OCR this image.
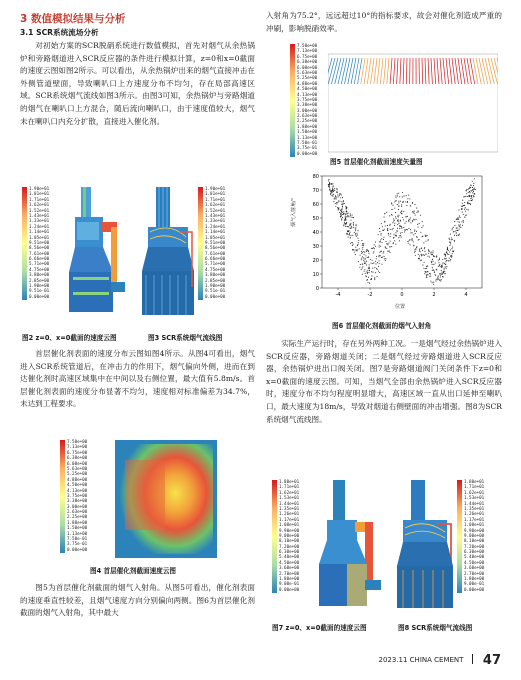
3 数值模拟结果与分析
3.1 SCR系统流场分析
对初始方案的SCR脱硝系统进行数值模拟，首先对烟气从余热锅炉和旁路烟道进入SCR反应器的条件进行模拟计算，z=0和x=0截面的速度云图如图2所示。可以看出，从余热锅炉出来的烟气直接冲击在外侧管道壁面，导致喇叭口上方速度分布不均匀，存在局部高速区域。SCR系统烟气流线如图3所示。由图3可知，余热锅炉与旁路烟道的烟气在喇叭口上方混合，随后流向喇叭口，由于速度值较大，烟气未在喇叭口内充分扩散，直接进入催化剂。
1.90e+01
1.81e+01
1.71e+01
1.62e+01
1.52e+01
1.43e+01
1.33e+01
1.24e+01
1.14e+01
1.05e+01
9.51e+00
8.56e+00
7.61e+00
6.66e+00
5.71e+00
4.75e+00
3.80e+00
2.85e+00
1.90e+00
9.51e-01
0.00e+00
1.90e+01
1.81e+01
1.71e+01
1.62e+01
1.52e+01
1.43e+01
1.33e+01
1.24e+01
1.14e+01
1.05e+01
9.51e+00
8.56e+00
7.61e+00
6.66e+00
5.71e+00
4.75e+00
3.80e+00
2.85e+00
1.90e+00
9.51e-01
0.00e+00
图2 z=0、x=0截面的速度云图	图3 SCR系统烟气流线图
首层催化剂表面的速度分布云图如图4所示。从图4可看出，烟气进入SCR系统管道后，在冲击力的作用下，烟气偏向外侧，进而在到达催化剂时高速区域集中在中间以及右侧位置，最大值有5.8m/s。首层催化剂表面的速度分布显著不均匀，速度相对标准偏差为34.7%，未达到工程要求。
7.50e+00
7.13e+00
6.75e+00
6.38e+00
6.00e+00
5.63e+00
5.25e+00
4.88e+00
4.50e+00
4.13e+00
3.75e+00
3.38e+00
3.00e+00
2.63e+00
2.25e+00
1.88e+00
1.50e+00
1.13e+00
7.50e-01
3.75e-01
0.00e+00
图4 首层催化剂截面速度云图
图5为首层催化剂截面的烟气入射角。从图5可看出，催化剂表面的速度垂直性较差，且烟气速度方向分别偏向两侧。图6为首层催化剂截面的烟气入射角，其中最大
入射角为75.2°，远远超过10°的指标要求，故会对催化剂造成严重的冲刷，影响脱硝效率。
7.50e+00
7.13e+00
6.75e+00
6.38e+00
6.00e+00
5.63e+00
5.25e+00
4.88e+00
4.50e+00
4.13e+00
3.75e+00
3.38e+00
3.00e+00
2.63e+00
2.25e+00
1.88e+00
1.50e+00
1.13e+00
7.50e-01
3.75e-01
0.00e+00
图5 首层催化剂截面速度矢量图
烟气入射角/°
0
10
20
30
40
50
60
70
80
-4	-2	0	2	4
位置
图6 首层催化剂截面的烟气入射角
实际生产运行时，存在另外两种工况。一是烟气经过余热锅炉进入SCR反应器，旁路烟道关闭；二是烟气经过旁路烟道进入SCR反应器，余热锅炉进出口阀关闭。图7是旁路烟道阀门关闭条件下z=0和x=0截面的速度云图。可知，当烟气全部由余热锅炉进入SCR反应器时，速度分布不均匀程度明显增大，高速区域一直从出口延伸至喇叭口，最大速度为18m/s，导致对烟道右侧壁面的冲击增强。图8为SCR系统烟气流线图。
1.80e+01
1.71e+01
1.62e+01
1.53e+01
1.44e+01
1.35e+01
1.26e+01
1.17e+01
1.08e+01
9.90e+00
9.00e+00
8.10e+00
7.20e+00
6.30e+00
5.40e+00
4.50e+00
3.60e+00
2.70e+00
1.80e+00
9.00e-01
0.00e+00
1.80e+01
1.71e+01
1.62e+01
1.53e+01
1.44e+01
1.35e+01
1.26e+01
1.17e+01
1.08e+01
9.90e+00
9.00e+00
8.10e+00
7.20e+00
6.30e+00
5.40e+00
4.50e+00
3.60e+00
2.70e+00
1.80e+00
9.00e-01
0.00e+00
图7 z=0、x=0截面的速度云图	图8 SCR系统烟气流线图
2023.11 CHINA CEMENT 47
